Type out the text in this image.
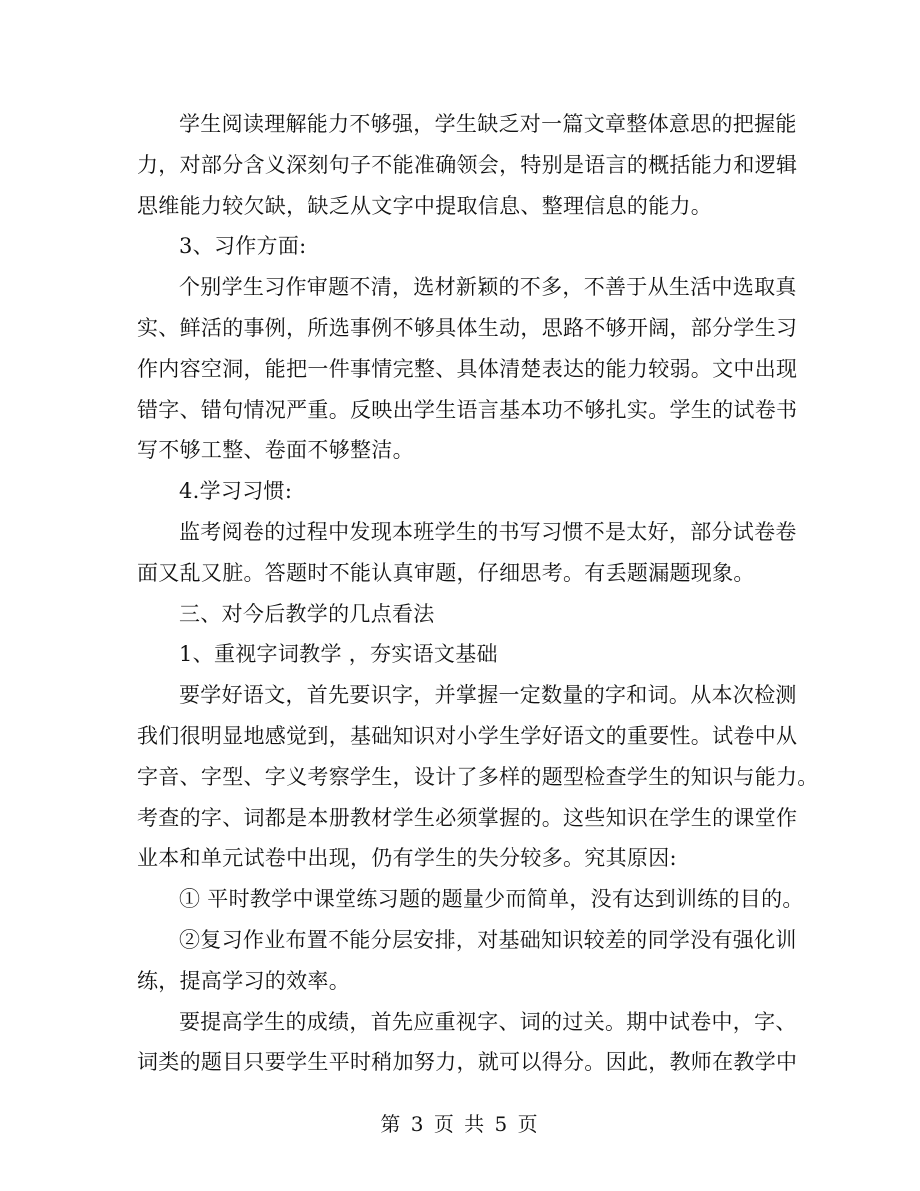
学生阅读理解能力不够强，学生缺乏对一篇文章整体意思的把握能
力，对部分含义深刻句子不能准确领会，特别是语言的概括能力和逻辑
思维能力较欠缺，缺乏从文字中提取信息、整理信息的能力。
3、习作方面:
个别学生习作审题不清，选材新颖的不多，不善于从生活中选取真
实、鲜活的事例，所选事例不够具体生动，思路不够开阔，部分学生习
作内容空洞，能把一件事情完整、具体清楚表达的能力较弱。文中出现
错字、错句情况严重。反映出学生语言基本功不够扎实。学生的试卷书
写不够工整、卷面不够整洁。
4.学习习惯:
监考阅卷的过程中发现本班学生的书写习惯不是太好，部分试卷卷
面又乱又脏。答题时不能认真审题，仔细思考。有丢题漏题现象。
三、对今后教学的几点看法
1、重视字词教学 ，夯实语文基础
要学好语文，首先要识字，并掌握一定数量的字和词。从本次检测
我们很明显地感觉到，基础知识对小学生学好语文的重要性。试卷中从
字音、字型、字义考察学生，设计了多样的题型检查学生的知识与能力。
考查的字、词都是本册教材学生必须掌握的。这些知识在学生的课堂作
业本和单元试卷中出现，仍有学生的失分较多。究其原因:
① 平时教学中课堂练习题的题量少而简单，没有达到训练的目的。
②复习作业布置不能分层安排，对基础知识较差的同学没有强化训
练，提高学习的效率。
要提高学生的成绩，首先应重视字、词的过关。期中试卷中，字、
词类的题目只要学生平时稍加努力，就可以得分。因此，教师在教学中
第 3 页 共 5 页
